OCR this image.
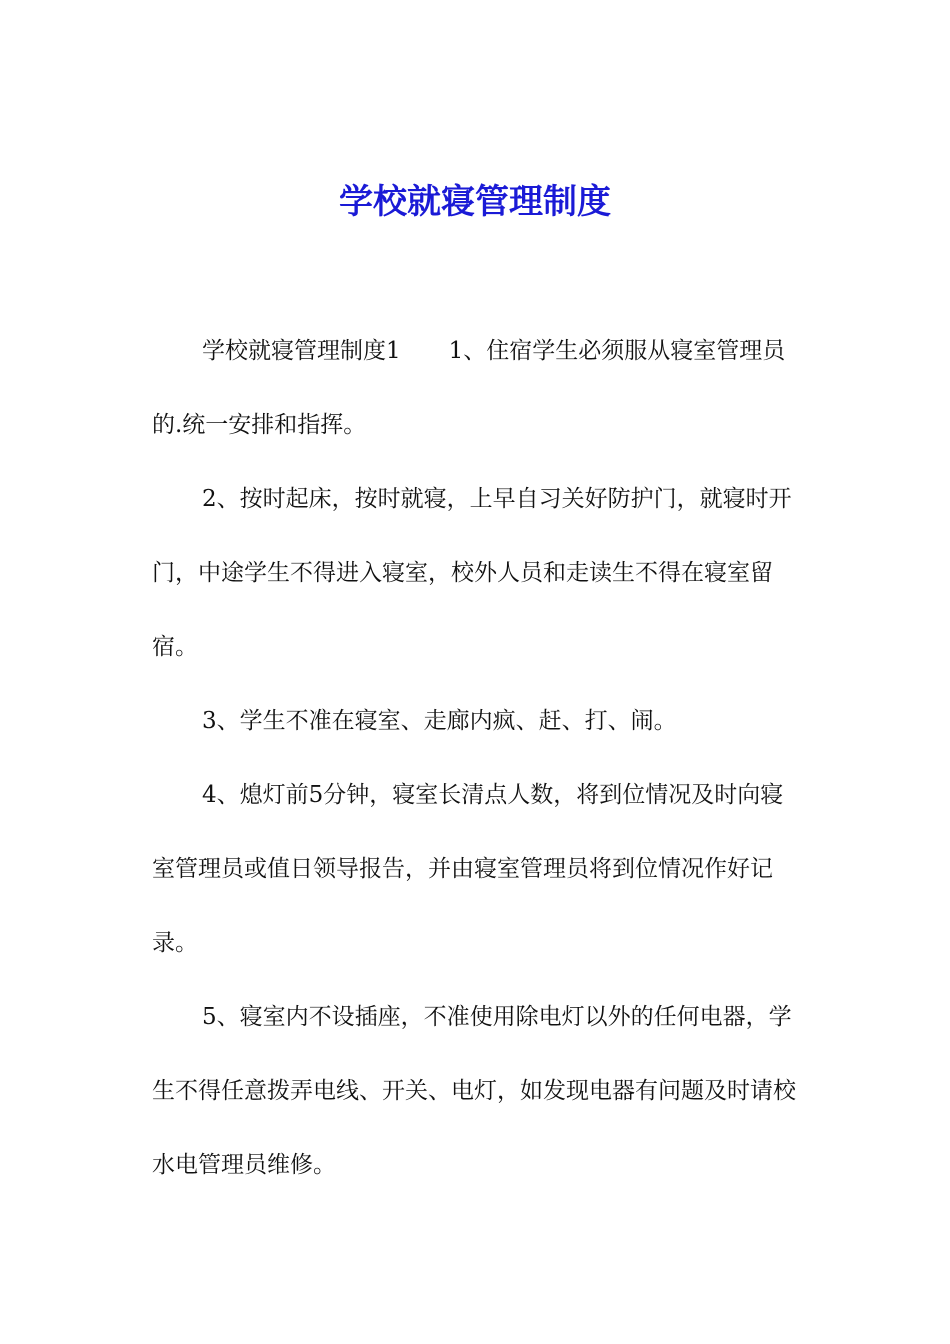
学校就寝管理制度

学校就寝管理制度1 1、住宿学生必须服从寝室管理员的.统一安排和指挥。

2、按时起床，按时就寝，上早自习关好防护门，就寝时开门，中途学生不得进入寝室，校外人员和走读生不得在寝室留宿。

3、学生不准在寝室、走廊内疯、赶、打、闹。

4、熄灯前5分钟，寝室长清点人数，将到位情况及时向寝室管理员或值日领导报告，并由寝室管理员将到位情况作好记录。

5、寝室内不设插座，不准使用除电灯以外的任何电器，学生不得任意拨弄电线、开关、电灯，如发现电器有问题及时请校水电管理员维修。
